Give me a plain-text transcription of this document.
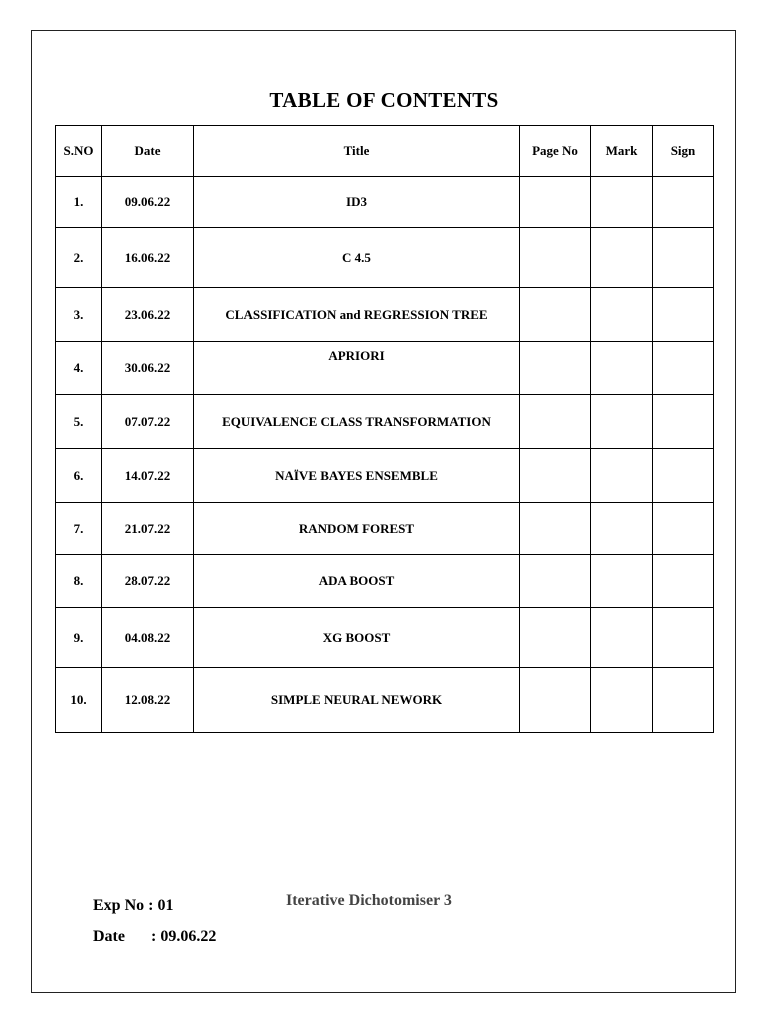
TABLE OF CONTENTS
S.NO	Date	Title	Page No	Mark	Sign
1.	09.06.22	ID3			
2.	16.06.22	C 4.5			
3.	23.06.22	CLASSIFICATION and REGRESSION TREE			
4.	30.06.22	APRIORI			
5.	07.07.22	EQUIVALENCE CLASS TRANSFORMATION			
6.	14.07.22	NAÏVE BAYES ENSEMBLE			
7.	21.07.22	RANDOM FOREST			
8.	28.07.22	ADA BOOST			
9.	04.08.22	XG BOOST			
10.	12.08.22	SIMPLE NEURAL NEWORK			
Exp No : 01
Date : 09.06.22
Iterative Dichotomiser 3
